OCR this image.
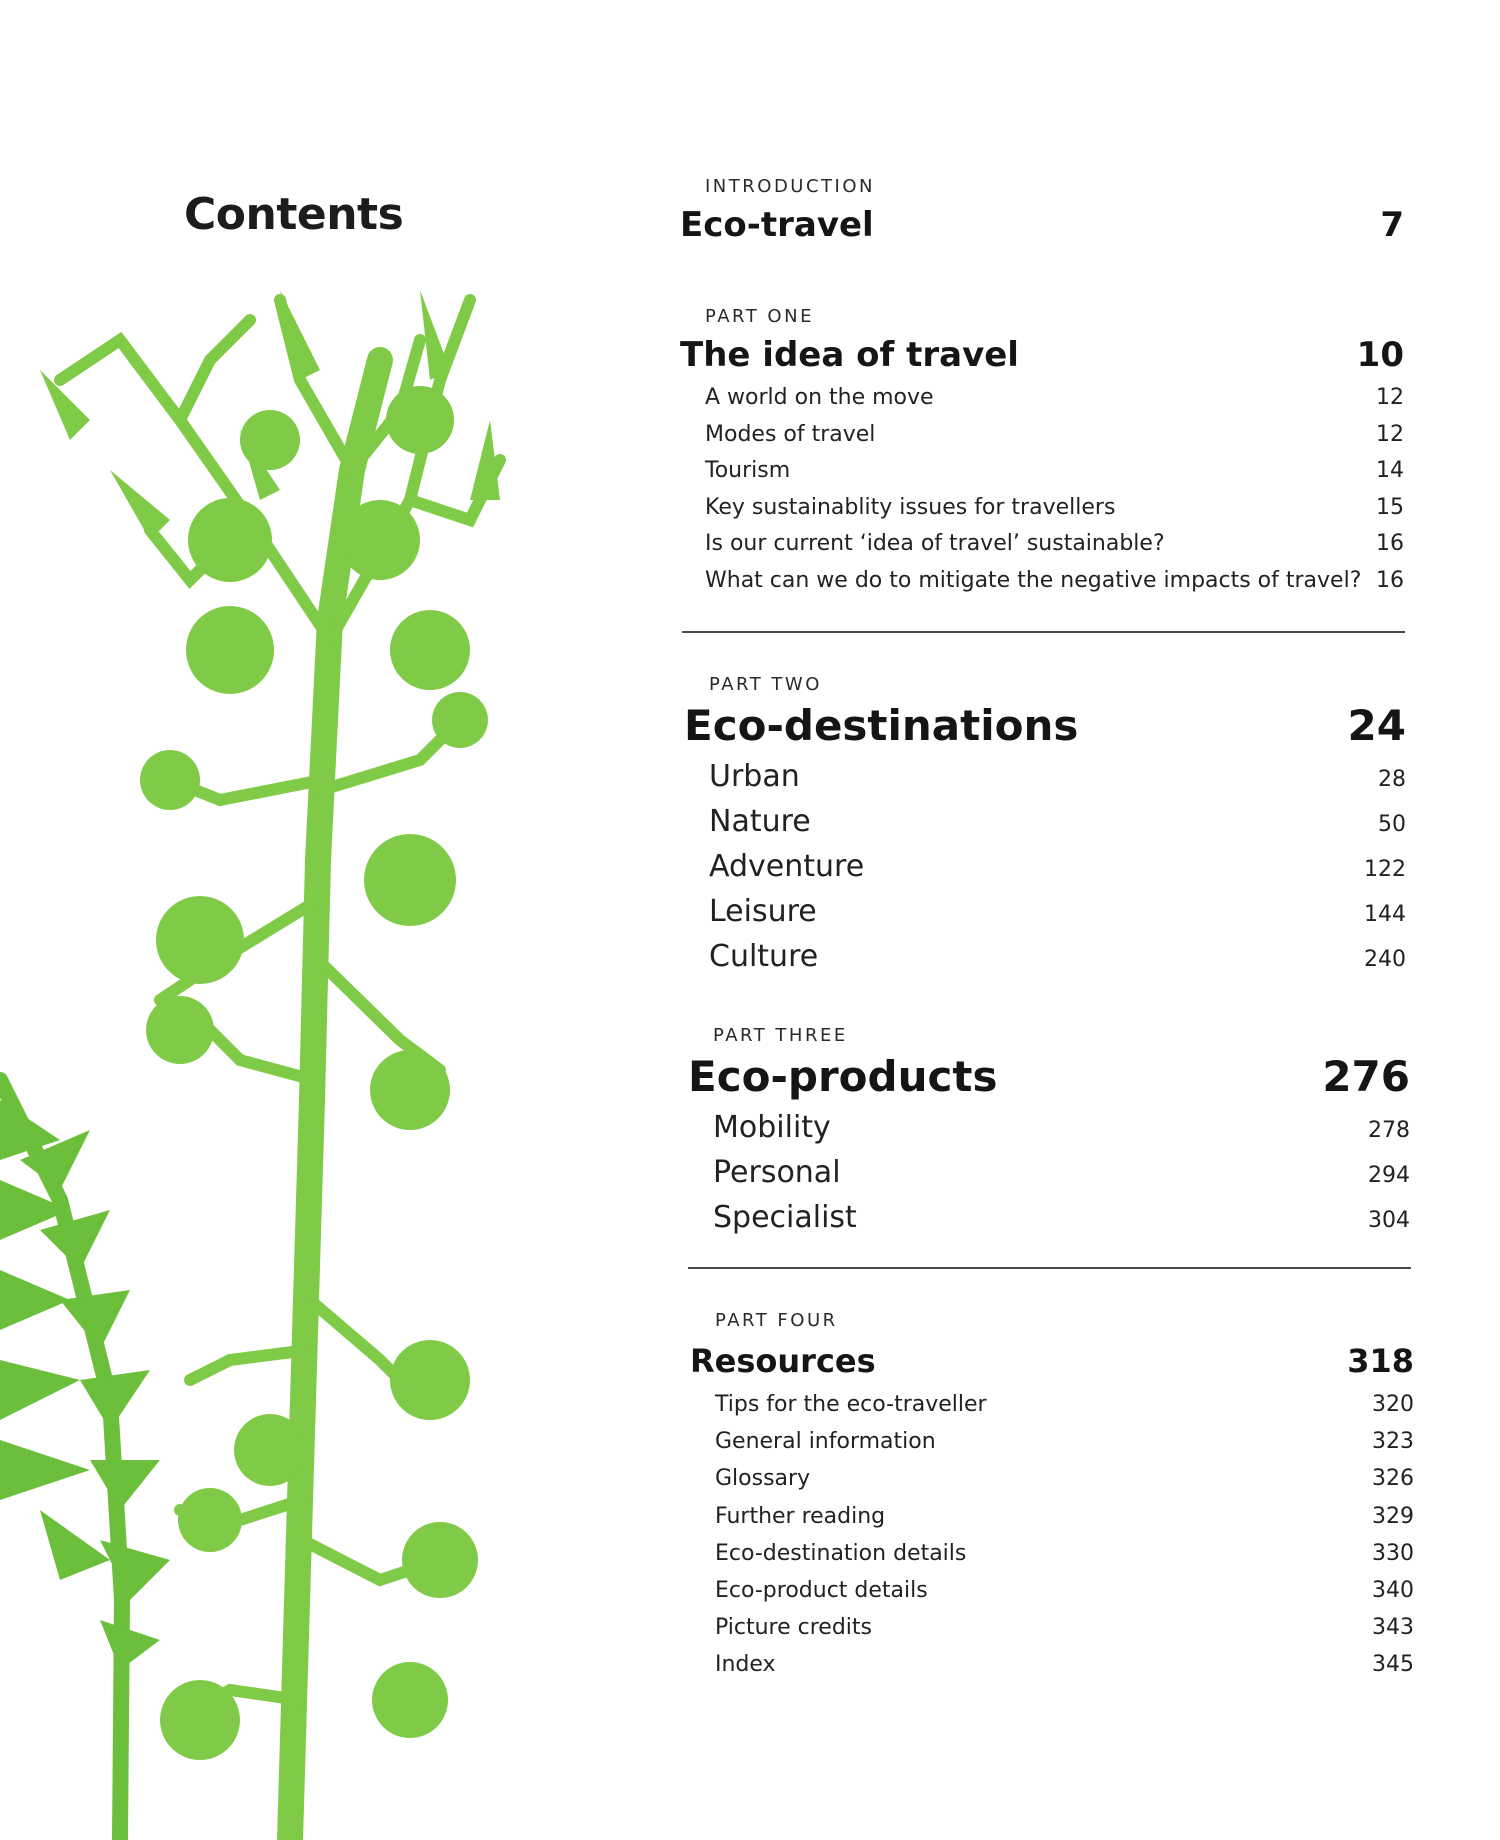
Contents
INTRODUCTION
Eco-travel	7
PART ONE
The idea of travel	10
A world on the move	12
Modes of travel	12
Tourism	14
Key sustainablity issues for travellers	15
Is our current ‘idea of travel’ sustainable?	16
What can we do to mitigate the negative impacts of travel? 16
PART TWO
Eco-destinations	24
Urban	28
Nature	50
Adventure	122
Leisure	144
Culture	240
PART THREE
Eco-products	276
Mobility	278
Personal	294
Specialist	304
PART FOUR
Resources	318
Tips for the eco-traveller	320
General information	323
Glossary	326
Further reading	329
Eco-destination details	330
Eco-product details	340
Picture credits	343
Index	345
